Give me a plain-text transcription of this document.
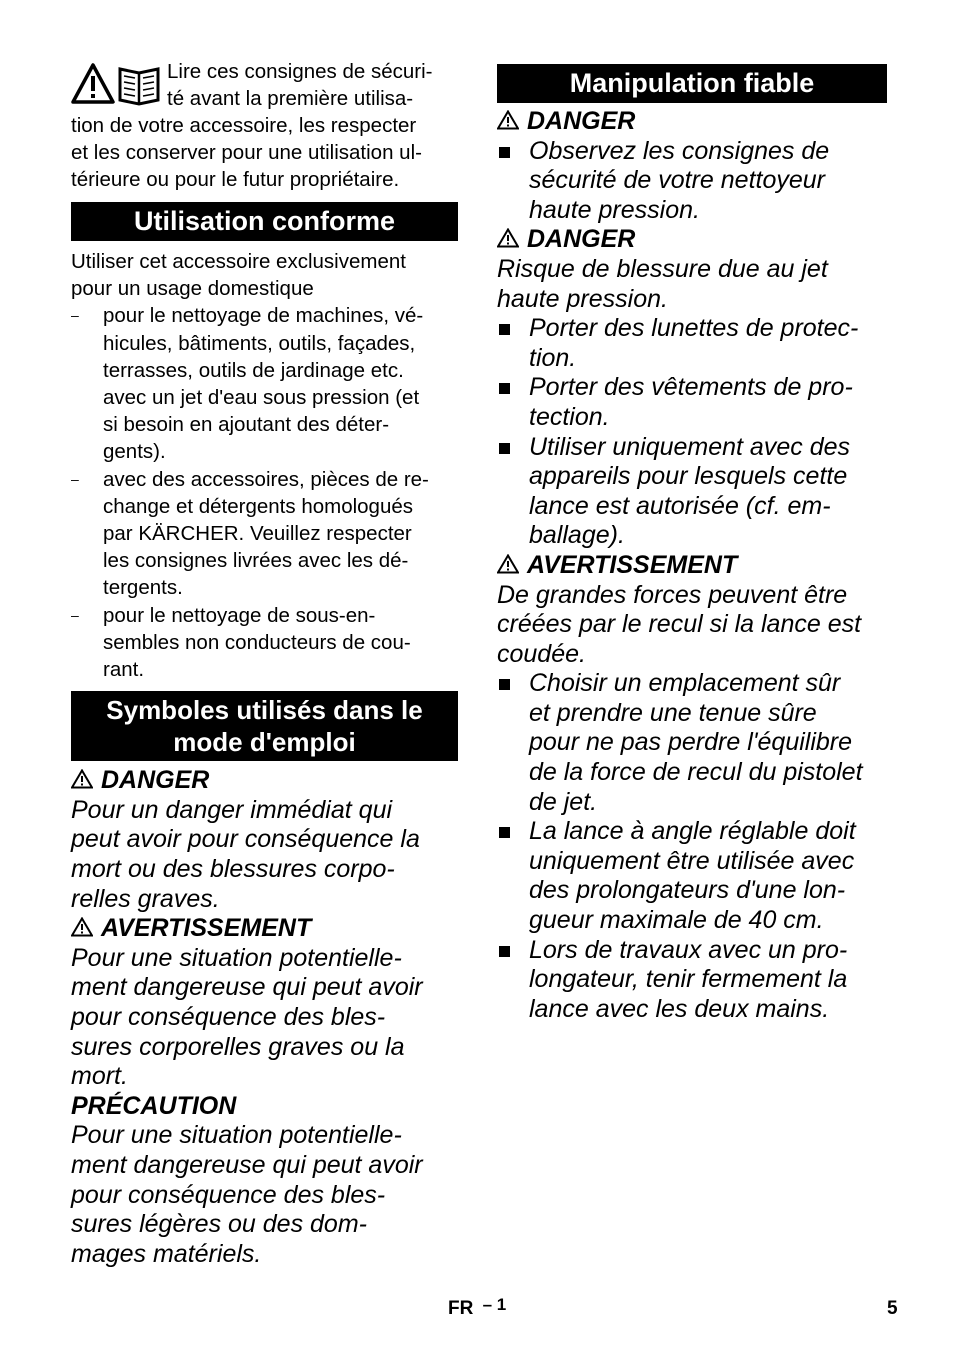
Lire ces consignes de sécuri-
té avant la première utilisa-
tion de votre accessoire, les respecter
et les conserver pour une utilisation ul-
térieure ou pour le futur propriétaire.
Utilisation conforme
Utiliser cet accessoire exclusivement
pour un usage domestique
– pour le nettoyage de machines, vé-
hicules, bâtiments, outils, façades,
terrasses, outils de jardinage etc.
avec un jet d'eau sous pression (et
si besoin en ajoutant des déter-
gents).
– avec des accessoires, pièces de re-
change et détergents homologués
par KÄRCHER. Veuillez respecter
les consignes livrées avec les dé-
tergents.
– pour le nettoyage de sous-en-
sembles non conducteurs de cou-
rant.
Symboles utilisés dans le
mode d'emploi
DANGER
Pour un danger immédiat qui
peut avoir pour conséquence la
mort ou des blessures corpo-
relles graves.
AVERTISSEMENT
Pour une situation potentielle-
ment dangereuse qui peut avoir
pour conséquence des bles-
sures corporelles graves ou la
mort.
PRÉCAUTION
Pour une situation potentielle-
ment dangereuse qui peut avoir
pour conséquence des bles-
sures légères ou des dom-
mages matériels.
Manipulation fiable
DANGER
Observez les consignes de
sécurité de votre nettoyeur
haute pression.
DANGER
Risque de blessure due au jet
haute pression.
Porter des lunettes de protec-
tion.
Porter des vêtements de pro-
tection.
Utiliser uniquement avec des
appareils pour lesquels cette
lance est autorisée (cf. em-
ballage).
AVERTISSEMENT
De grandes forces peuvent être
créées par le recul si la lance est
coudée.
Choisir un emplacement sûr
et prendre une tenue sûre
pour ne pas perdre l'équilibre
de la force de recul du pistolet
de jet.
La lance à angle réglable doit
uniquement être utilisée avec
des prolongateurs d'une lon-
gueur maximale de 40 cm.
Lors de travaux avec un pro-
longateur, tenir fermement la
lance avec les deux mains.
FR – 1	5
